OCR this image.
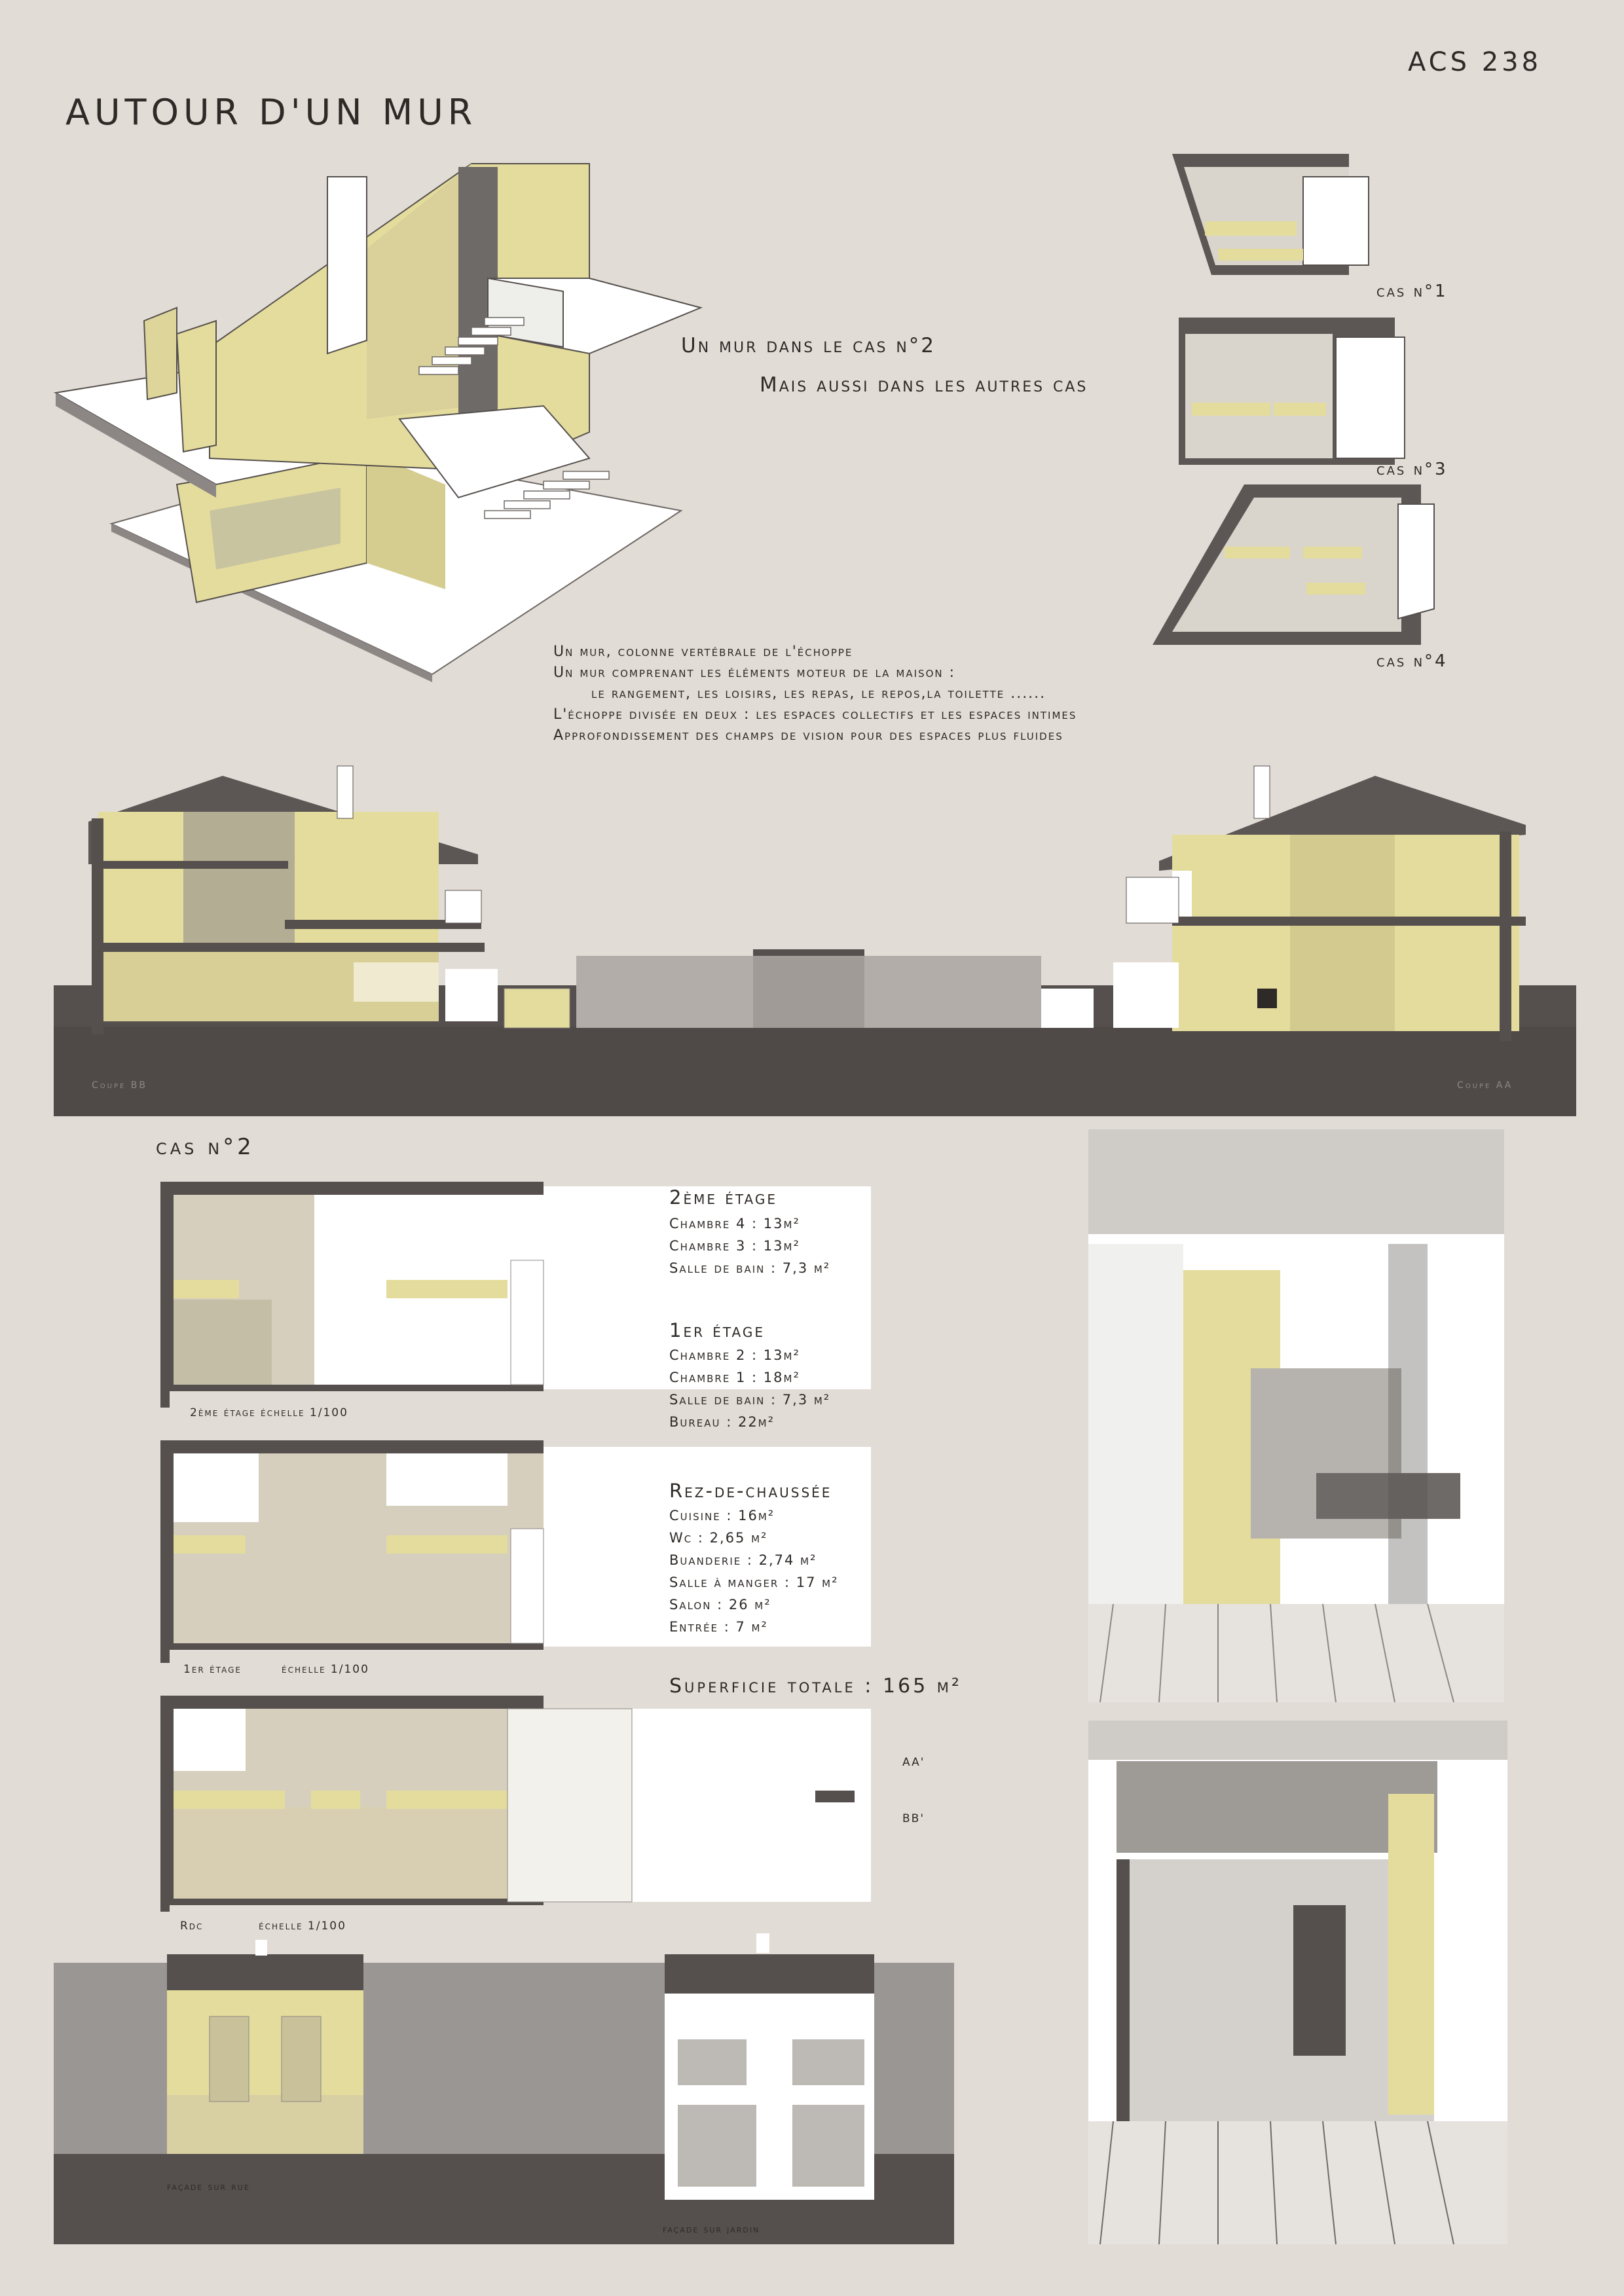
ACS 238
AUTOUR D'UN MUR
Un mur dans le cas n°2
Mais aussi dans les autres cas
cas n°1
cas n°3
cas n°4
Un mur, colonne vertébrale de l'échoppe
Un mur comprenant les éléments moteur de la maison :
le rangement, les loisirs, les repas, le repos,la toilette ......
L'échoppe divisée en deux : les espaces collectifs et les espaces intimes
Approfondissement des champs de vision pour des espaces plus fluides
Coupe BB	Coupe AA
cas n°2
2ème étage
Chambre 4 : 13m²
Chambre 3 : 13m²
Salle de bain : 7,3 m²
2ème étage échelle 1/100
1er étage
Chambre 2 : 13m²
Chambre 1 : 18m²
Salle de bain : 7,3 m²
Bureau : 22m²
1er étage	échelle 1/100
Rez-de-chaussée
Cuisine : 16m²
Wc : 2,65 m²
Buanderie : 2,74 m²
Salle à manger : 17 m²
Salon : 26 m²
Entrée : 7 m²
Superficie totale : 165 m²
Rdc	échelle 1/100
AA'
BB'
façade sur rue
façade sur jardin
